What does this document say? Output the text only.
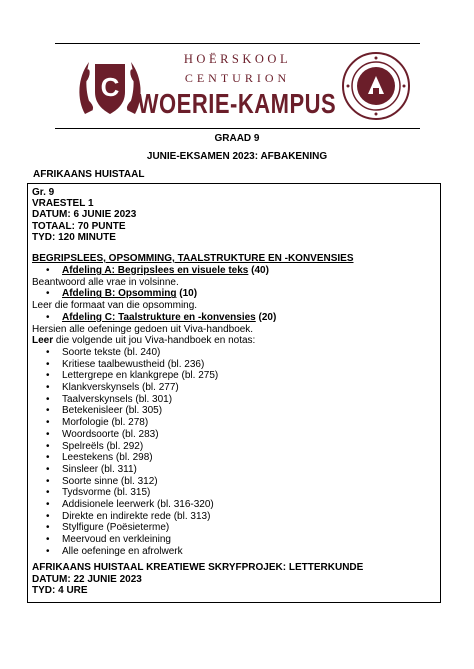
C
HOËRSKOOL
CENTURION
WOERIE-KAMPUS
GRAAD 9
JUNIE-EKSAMEN 2023: AFBAKENING
AFRIKAANS HUISTAAL
Gr. 9
VRAESTEL 1
DATUM: 6 JUNIE 2023
TOTAAL: 70 PUNTE
TYD: 120 MINUTE
BEGRIPSLEES, OPSOMMING, TAALSTRUKTURE EN -KONVENSIES
• Afdeling A: Begripslees en visuele teks (40)
Beantwoord alle vrae in volsinne.
• Afdeling B: Opsomming (10)
Leer die formaat van die opsomming.
• Afdeling C: Taalstrukture en -konvensies (20)
Hersien alle oefeninge gedoen uit Viva-handboek.
Leer die volgende uit jou Viva-handboek en notas:
• Soorte tekste (bl. 240)
• Kritiese taalbewustheid (bl. 236)
• Lettergrepe en klankgrepe (bl. 275)
• Klankverskynsels (bl. 277)
• Taalverskynsels (bl. 301)
• Betekenisleer (bl. 305)
• Morfologie (bl. 278)
• Woordsoorte (bl. 283)
• Spelreëls (bl. 292)
• Leestekens (bl. 298)
• Sinsleer (bl. 311)
• Soorte sinne (bl. 312)
• Tydsvorme (bl. 315)
• Addisionele leerwerk (bl. 316-320)
• Direkte en indirekte rede (bl. 313)
• Stylfigure (Poësieterme)
• Meervoud en verkleining
• Alle oefeninge en afrolwerk
AFRIKAANS HUISTAAL KREATIEWE SKRYFPROJEK: LETTERKUNDE
DATUM: 22 JUNIE 2023
TYD: 4 URE
